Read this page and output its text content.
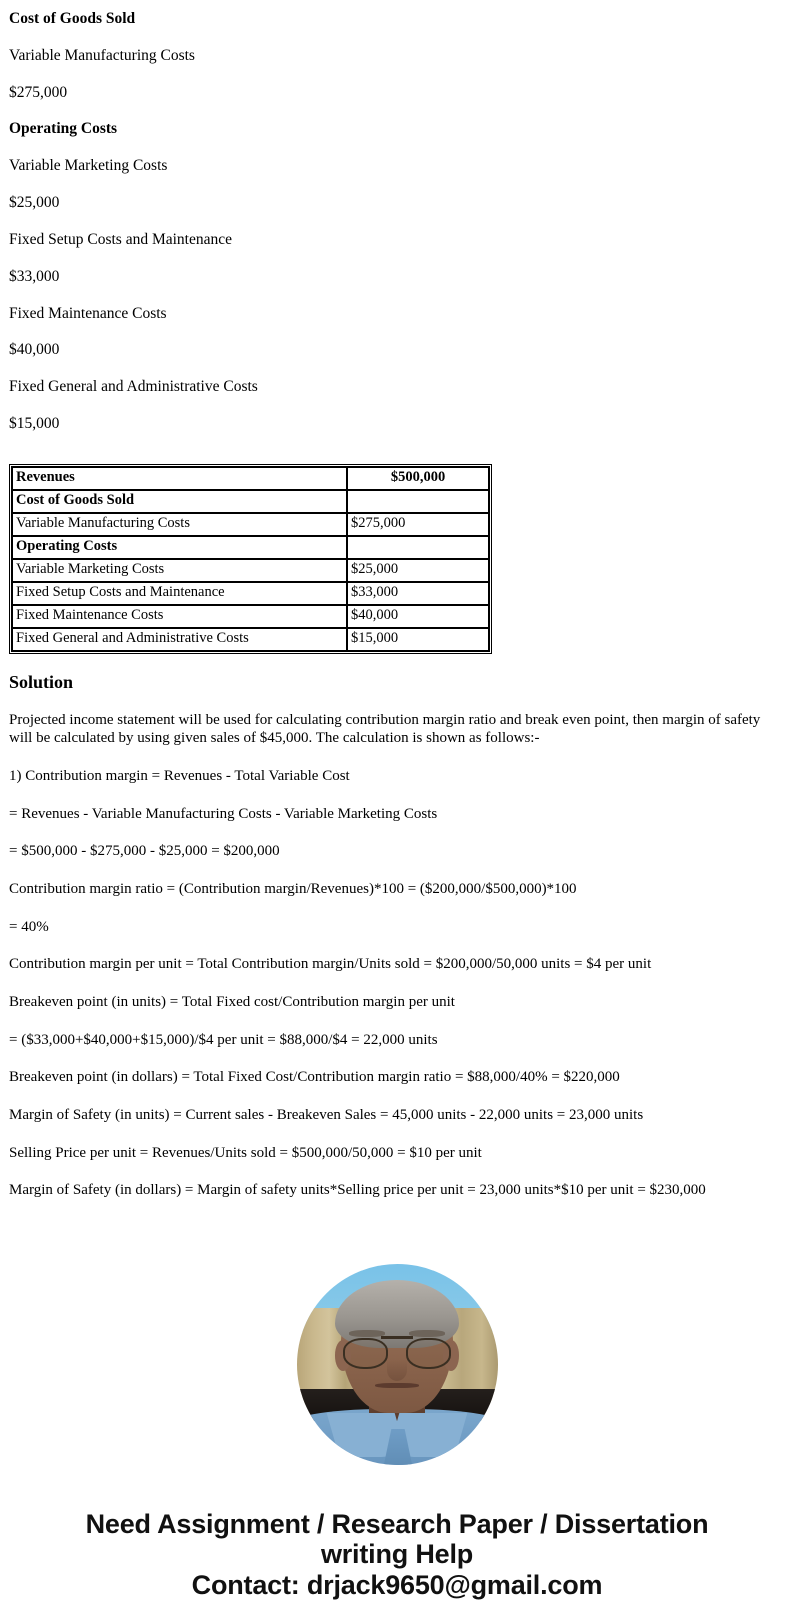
Cost of Goods Sold

Variable Manufacturing Costs

$275,000

Operating Costs

Variable Marketing Costs

$25,000

Fixed Setup Costs and Maintenance

$33,000

Fixed Maintenance Costs

$40,000

Fixed General and Administrative Costs

$15,000

Revenues	$500,000
Cost of Goods Sold	
Variable Manufacturing Costs	$275,000
Operating Costs	
Variable Marketing Costs	$25,000
Fixed Setup Costs and Maintenance	$33,000
Fixed Maintenance Costs	$40,000
Fixed General and Administrative Costs	$15,000
Solution

Projected income statement will be used for calculating contribution margin ratio and break even point, then margin of safety will be calculated by using given sales of $45,000. The calculation is shown as follows:-

1) Contribution margin = Revenues - Total Variable Cost

= Revenues - Variable Manufacturing Costs - Variable Marketing Costs

= $500,000 - $275,000 - $25,000 = $200,000

Contribution margin ratio = (Contribution margin/Revenues)*100 = ($200,000/$500,000)*100

= 40%

Contribution margin per unit = Total Contribution margin/Units sold = $200,000/50,000 units = $4 per unit

Breakeven point (in units) = Total Fixed cost/Contribution margin per unit

= ($33,000+$40,000+$15,000)/$4 per unit = $88,000/$4 = 22,000 units

Breakeven point (in dollars) = Total Fixed Cost/Contribution margin ratio = $88,000/40% = $220,000

Margin of Safety (in units) = Current sales - Breakeven Sales = 45,000 units - 22,000 units = 23,000 units

Selling Price per unit = Revenues/Units sold = $500,000/50,000 = $10 per unit

Margin of Safety (in dollars) = Margin of safety units*Selling price per unit = 23,000 units*$10 per unit = $230,000

Need Assignment / Research Paper / Dissertation
writing Help
Contact: drjack9650@gmail.com
